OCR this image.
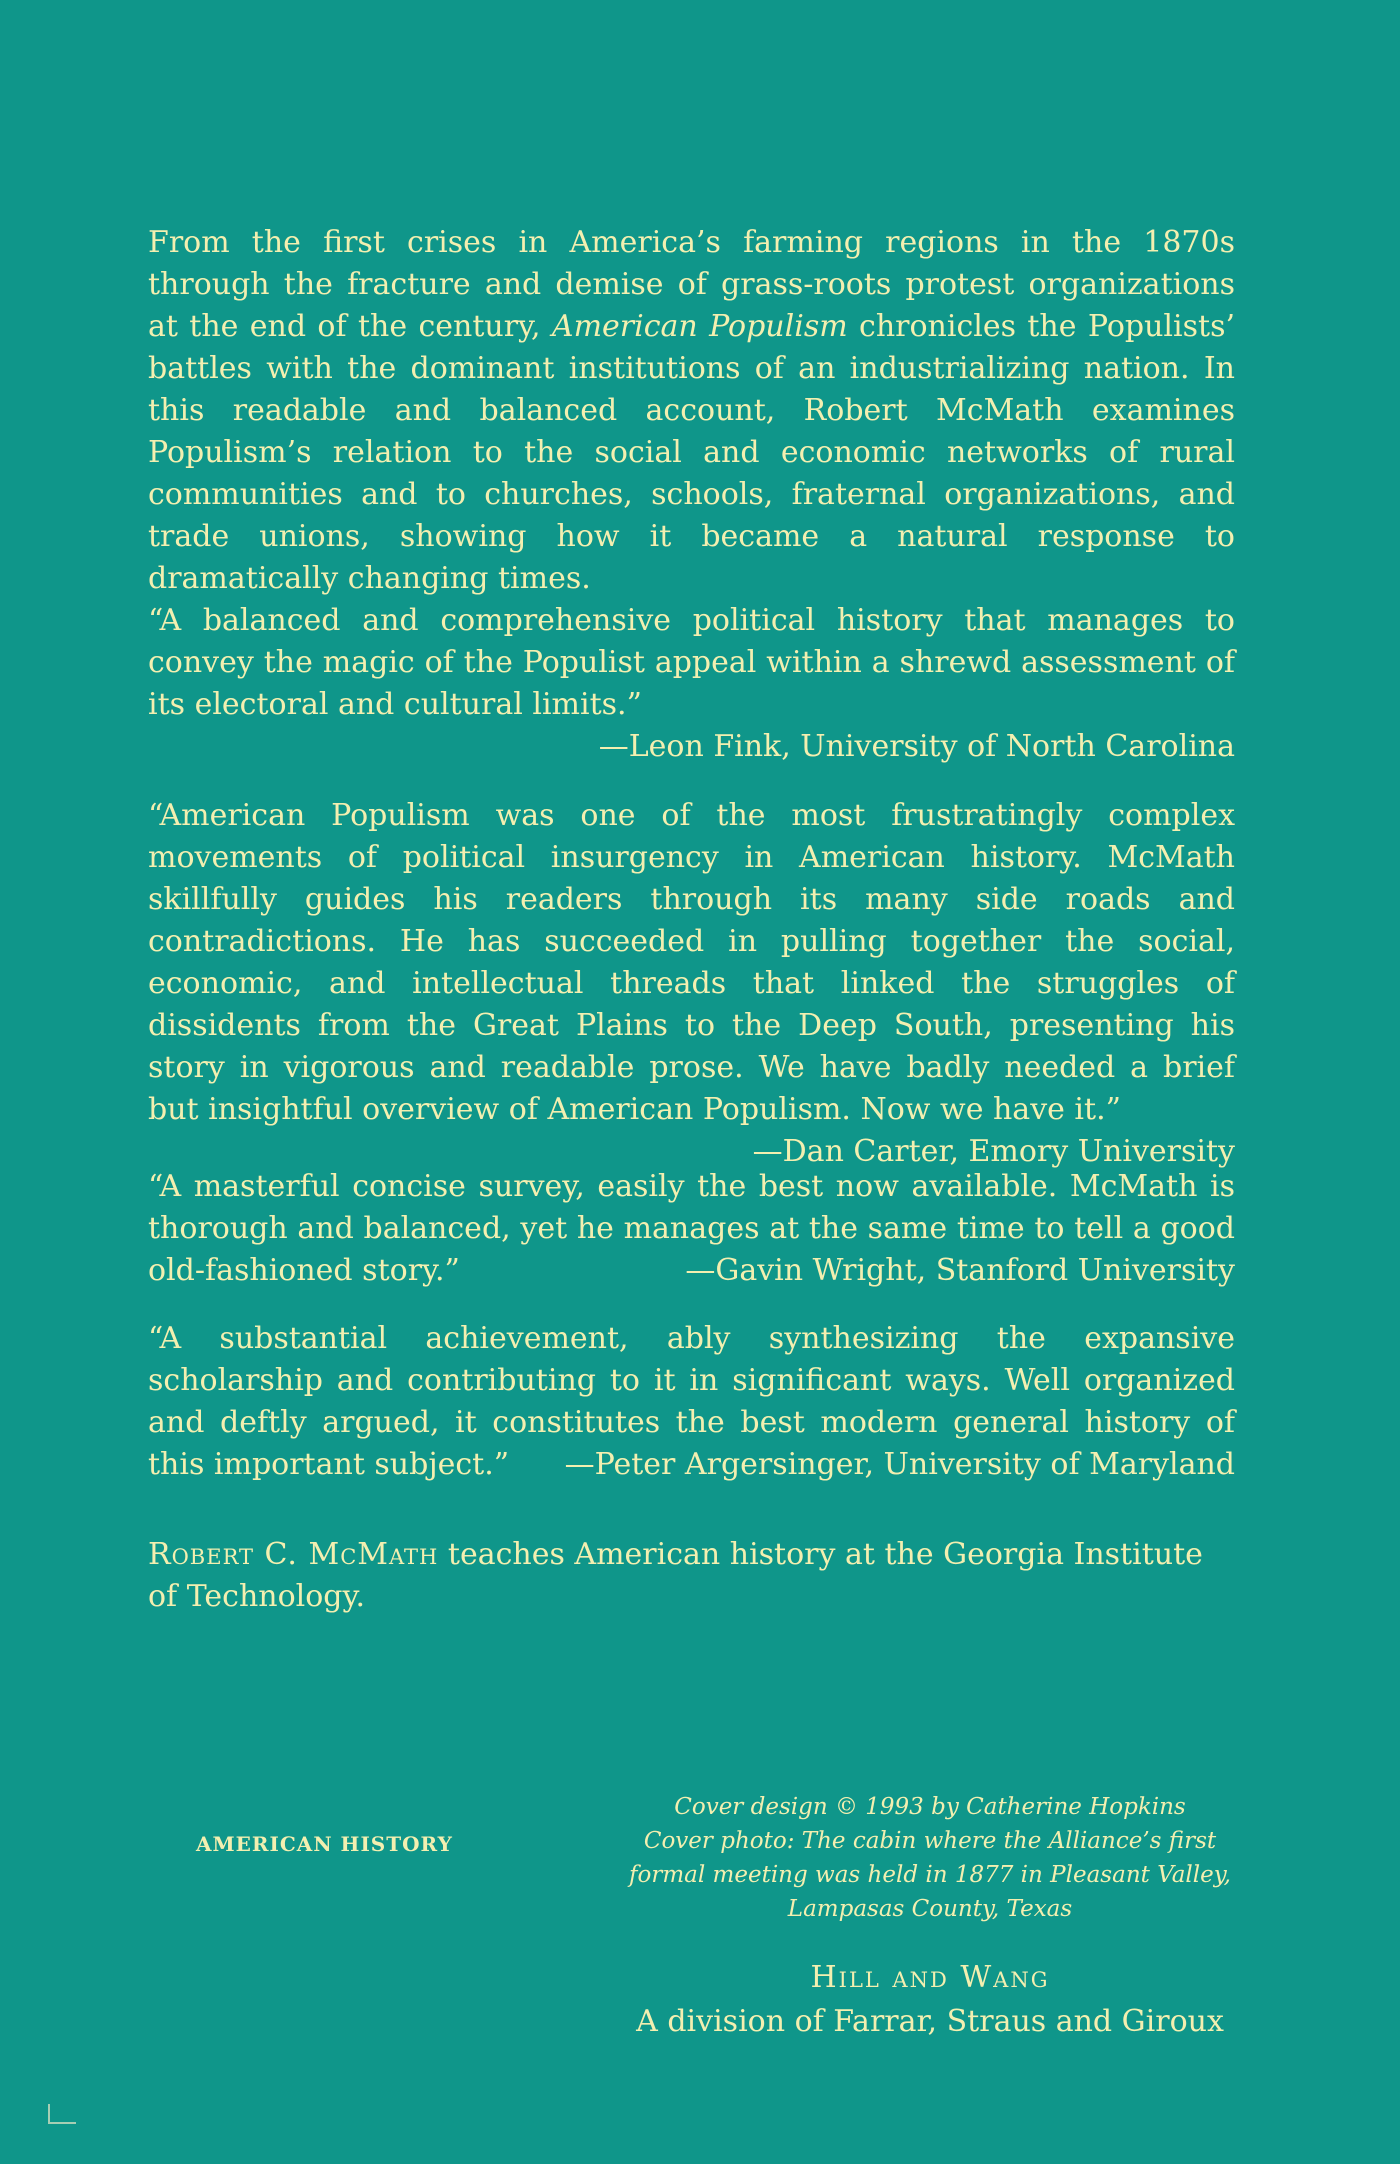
From the first crises in America’s farming regions in the 1870s through the fracture and demise of grass-roots protest organizations at the end of the century, American Populism chronicles the Populists’ battles with the dominant institutions of an industrializing nation. In this readable and balanced account, Robert McMath examines Populism’s relation to the social and economic networks of rural communities and to churches, schools, fraternal organizations, and trade unions, showing how it became a natural response to dramatically changing times.

“A balanced and comprehensive political history that manages to convey the magic of the Populist appeal within a shrewd assessment of its electoral and cultural limits.”

—Leon Fink, University of North Carolina

“American Populism was one of the most frustratingly complex movements of political insurgency in American history. McMath skillfully guides his readers through its many side roads and contradictions. He has succeeded in pulling together the social, economic, and intellectual threads that linked the struggles of dissidents from the Great Plains to the Deep South, presenting his story in vigorous and readable prose. We have badly needed a brief but insightful overview of American Populism. Now we have it.”
—Dan Carter, Emory University

“A masterful concise survey, easily the best now available. McMath is thorough and balanced, yet he manages at the same time to tell a good old-fashioned story.”	—Gavin Wright, Stanford University

“A substantial achievement, ably synthesizing the expansive scholarship and contributing to it in significant ways. Well organized and deftly argued, it constitutes the best modern general history of this important subject.” —Peter Argersinger, University of Maryland

Robert C. McMath teaches American history at the Georgia Institute of Technology.

AMERICAN HISTORY
Cover design © 1993 by Catherine Hopkins
Cover photo: The cabin where the Alliance’s first
formal meeting was held in 1877 in Pleasant Valley,
Lampasas County, Texas
Hill and Wang
A division of Farrar, Straus and Giroux
